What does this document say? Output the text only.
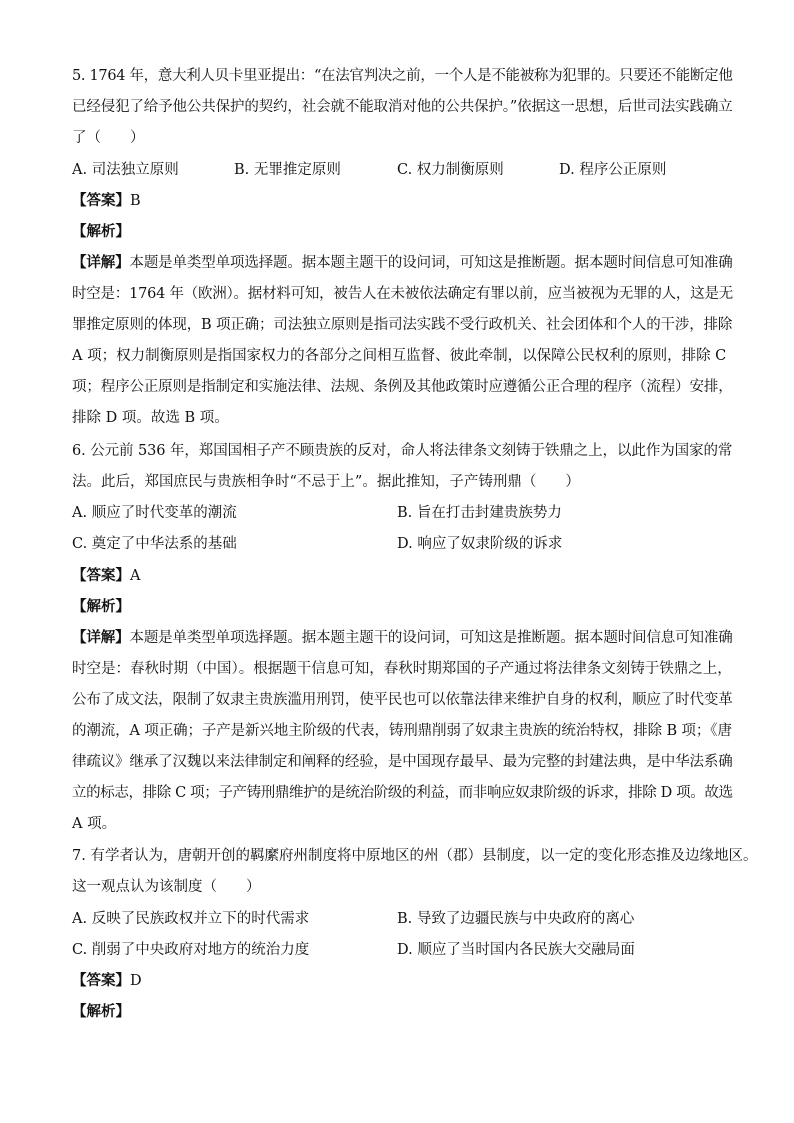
5. 1764 年，意大利人贝卡里亚提出：“在法官判决之前，一个人是不能被称为犯罪的。只要还不能断定他
已经侵犯了给予他公共保护的契约，社会就不能取消对他的公共保护。”依据这一思想，后世司法实践确立
了（　　）
A. 司法独立原则	B. 无罪推定原则	C. 权力制衡原则	D. 程序公正原则
【答案】B
【解析】
【详解】本题是单类型单项选择题。据本题主题干的设问词，可知这是推断题。据本题时间信息可知准确
时空是：1764 年（欧洲）。据材料可知，被告人在未被依法确定有罪以前，应当被视为无罪的人，这是无
罪推定原则的体现，B 项正确；司法独立原则是指司法实践不受行政机关、社会团体和个人的干涉，排除
A 项；权力制衡原则是指国家权力的各部分之间相互监督、彼此牵制，以保障公民权利的原则，排除 C
项；程序公正原则是指制定和实施法律、法规、条例及其他政策时应遵循公正合理的程序（流程）安排，
排除 D 项。故选 B 项。
6. 公元前 536 年，郑国国相子产不顾贵族的反对，命人将法律条文刻铸于铁鼎之上，以此作为国家的常
法。此后，郑国庶民与贵族相争时“不忌于上”。据此推知，子产铸刑鼎（　　）
A. 顺应了时代变革的潮流	B. 旨在打击封建贵族势力
C. 奠定了中华法系的基础	D. 响应了奴隶阶级的诉求
【答案】A
【解析】
【详解】本题是单类型单项选择题。据本题主题干的设问词，可知这是推断题。据本题时间信息可知准确
时空是：春秋时期（中国）。根据题干信息可知，春秋时期郑国的子产通过将法律条文刻铸于铁鼎之上，
公布了成文法，限制了奴隶主贵族滥用刑罚，使平民也可以依靠法律来维护自身的权利，顺应了时代变革
的潮流，A 项正确；子产是新兴地主阶级的代表，铸刑鼎削弱了奴隶主贵族的统治特权，排除 B 项；《唐
律疏议》继承了汉魏以来法律制定和阐释的经验，是中国现存最早、最为完整的封建法典，是中华法系确
立的标志，排除 C 项；子产铸刑鼎维护的是统治阶级的利益，而非响应奴隶阶级的诉求，排除 D 项。故选
A 项。
7. 有学者认为，唐朝开创的羁縻府州制度将中原地区的州（郡）县制度，以一定的变化形态推及边缘地区。
这一观点认为该制度（　　）
A. 反映了民族政权并立下的时代需求	B. 导致了边疆民族与中央政府的离心
C. 削弱了中央政府对地方的统治力度	D. 顺应了当时国内各民族大交融局面
【答案】D
【解析】
